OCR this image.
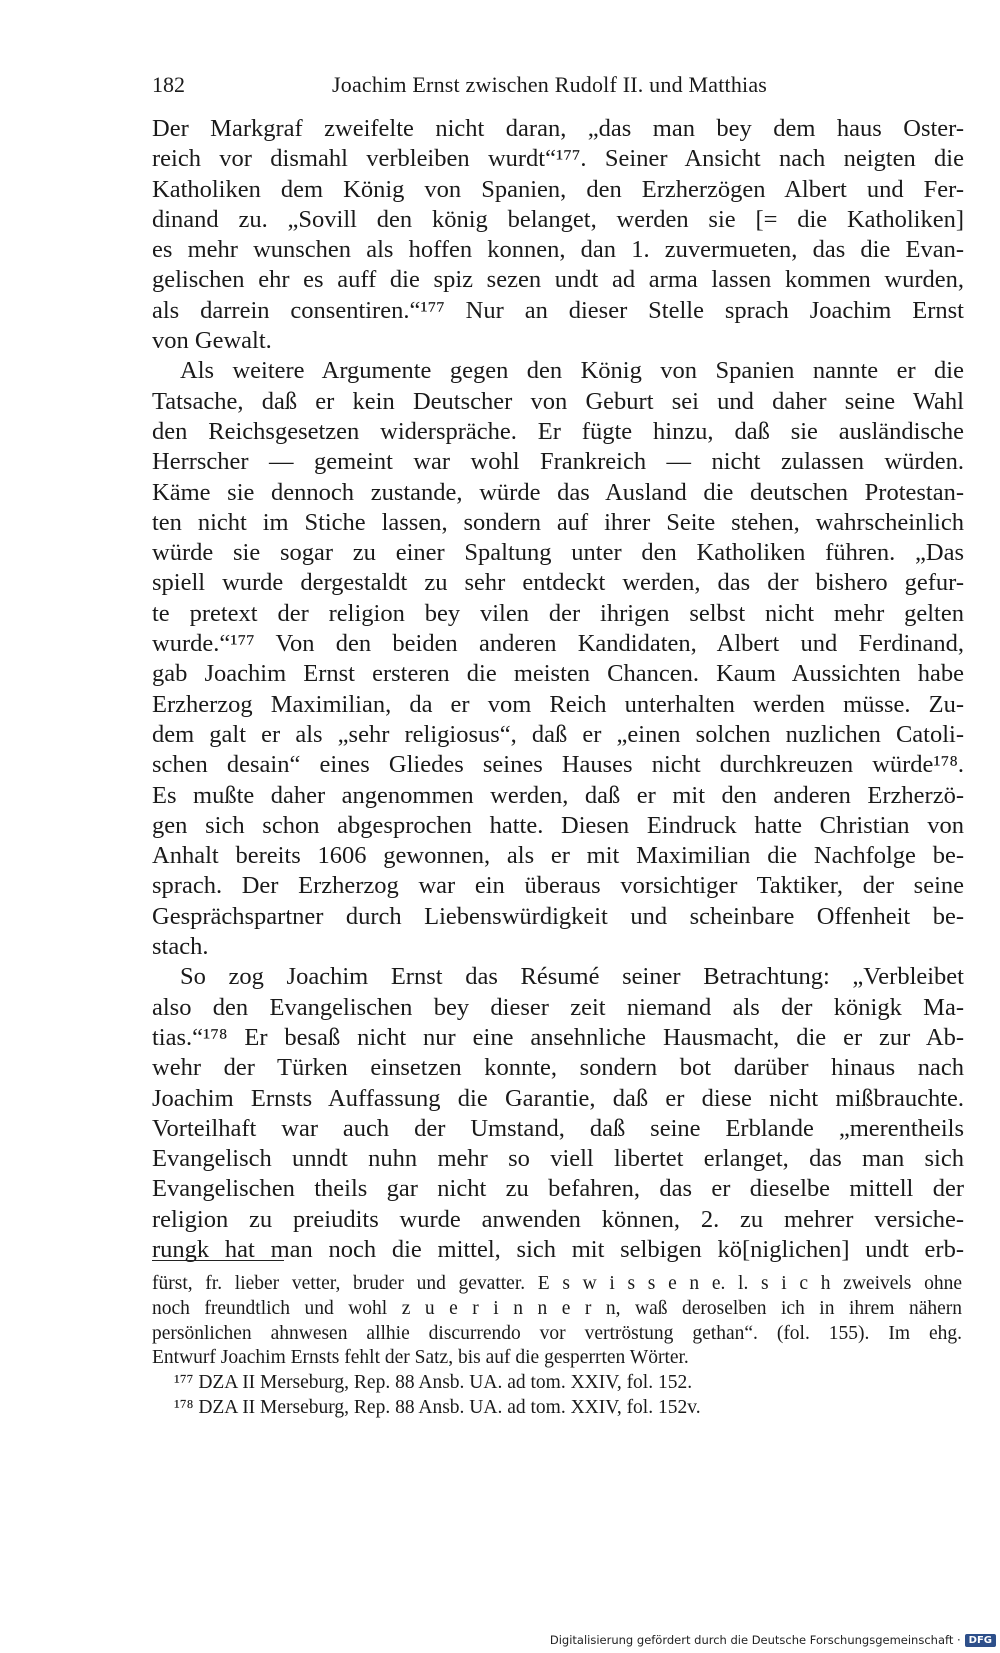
182	Joachim Ernst zwischen Rudolf II. und Matthias
Der Markgraf zweifelte nicht daran, „das man bey dem haus Oster-
reich vor dismahl verbleiben wurdt“¹⁷⁷. Seiner Ansicht nach neigten die
Katholiken dem König von Spanien, den Erzherzögen Albert und Fer-
dinand zu. „Sovill den könig belanget, werden sie [= die Katholiken]
es mehr wunschen als hoffen konnen, dan 1. zuvermueten, das die Evan-
gelischen ehr es auff die spiz sezen undt ad arma lassen kommen wurden,
als darrein consentiren.“¹⁷⁷ Nur an dieser Stelle sprach Joachim Ernst
von Gewalt.
Als weitere Argumente gegen den König von Spanien nannte er die
Tatsache, daß er kein Deutscher von Geburt sei und daher seine Wahl
den Reichsgesetzen widerspräche. Er fügte hinzu, daß sie ausländische
Herrscher — gemeint war wohl Frankreich — nicht zulassen würden.
Käme sie dennoch zustande, würde das Ausland die deutschen Protestan-
ten nicht im Stiche lassen, sondern auf ihrer Seite stehen, wahrscheinlich
würde sie sogar zu einer Spaltung unter den Katholiken führen. „Das
spiell wurde dergestaldt zu sehr entdeckt werden, das der bishero gefur-
te pretext der religion bey vilen der ihrigen selbst nicht mehr gelten
wurde.“¹⁷⁷ Von den beiden anderen Kandidaten, Albert und Ferdinand,
gab Joachim Ernst ersteren die meisten Chancen. Kaum Aussichten habe
Erzherzog Maximilian, da er vom Reich unterhalten werden müsse. Zu-
dem galt er als „sehr religiosus“, daß er „einen solchen nuzlichen Catoli-
schen desain“ eines Gliedes seines Hauses nicht durchkreuzen würde¹⁷⁸.
Es mußte daher angenommen werden, daß er mit den anderen Erzherzö-
gen sich schon abgesprochen hatte. Diesen Eindruck hatte Christian von
Anhalt bereits 1606 gewonnen, als er mit Maximilian die Nachfolge be-
sprach. Der Erzherzog war ein überaus vorsichtiger Taktiker, der seine
Gesprächspartner durch Liebenswürdigkeit und scheinbare Offenheit be-
stach.
So zog Joachim Ernst das Résumé seiner Betrachtung: „Verbleibet
also den Evangelischen bey dieser zeit niemand als der königk Ma-
tias.“¹⁷⁸ Er besaß nicht nur eine ansehnliche Hausmacht, die er zur Ab-
wehr der Türken einsetzen konnte, sondern bot darüber hinaus nach
Joachim Ernsts Auffassung die Garantie, daß er diese nicht mißbrauchte.
Vorteilhaft war auch der Umstand, daß seine Erblande „merentheils
Evangelisch unndt nuhn mehr so viell libertet erlanget, das man sich
Evangelischen theils gar nicht zu befahren, das er dieselbe mittell der
religion zu preiudits wurde anwenden können, 2. zu mehrer versiche-
rungk hat man noch die mittel, sich mit selbigen kö[niglichen] undt erb-
fürst, fr. lieber vetter, bruder und gevatter. E s w i s s e n e. l. s i c h zweivels ohne
noch freundtlich und wohl z u e r i n n e r n, waß deroselben ich in ihrem nähern
persönlichen ahnwesen allhie discurrendo vor vertröstung gethan“. (fol. 155). Im ehg.
Entwurf Joachim Ernsts fehlt der Satz, bis auf die gesperrten Wörter.
¹⁷⁷ DZA II Merseburg, Rep. 88 Ansb. UA. ad tom. XXIV, fol. 152.
¹⁷⁸ DZA II Merseburg, Rep. 88 Ansb. UA. ad tom. XXIV, fol. 152v.
Digitalisierung gefördert durch die Deutsche Forschungsgemeinschaft · DFG
